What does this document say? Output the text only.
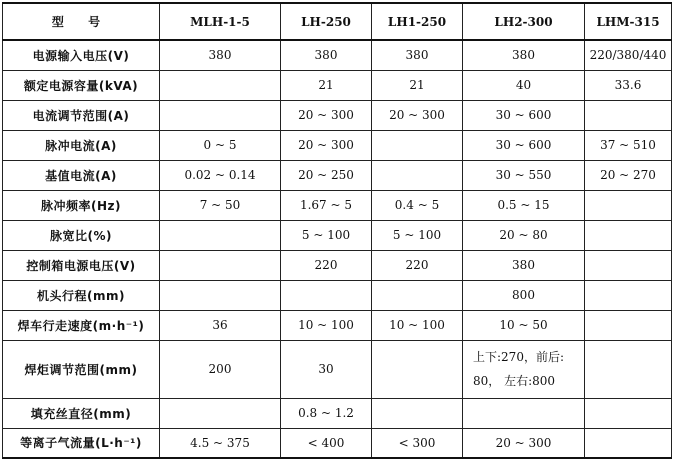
型 号	MLH-1-5	LH-250	LH1-250	LH2-300	LHM-315
电源输入电压(V)	380	380	380	380	220/380/440
额定电源容量(kVA)		21	21	40	33.6
电流调节范围(A)		20 ~ 300	20 ~ 300	30 ~ 600	
脉冲电流(A)	0 ~ 5	20 ~ 300		30 ~ 600	37 ~ 510
基值电流(A)	0.02 ~ 0.14	20 ~ 250		30 ~ 550	20 ~ 270
脉冲频率(Hz)	7 ~ 50	1.67 ~ 5	0.4 ~ 5	0.5 ~ 15	
脉宽比(%)		5 ~ 100	5 ~ 100	20 ~ 80	
控制箱电源电压(V)		220	220	380	
机头行程(mm)				800	
焊车行走速度(m·h⁻¹)	36	10 ~ 100	10 ~ 100	10 ~ 50	
焊炬调节范围(mm)	200	30		上下:270，前后:
80， 左右:800	

填充丝直径(mm)		0.8 ~ 1.2			
等离子气流量(L·h⁻¹)	4.5 ~ 375	< 400	< 300	20 ~ 300	
